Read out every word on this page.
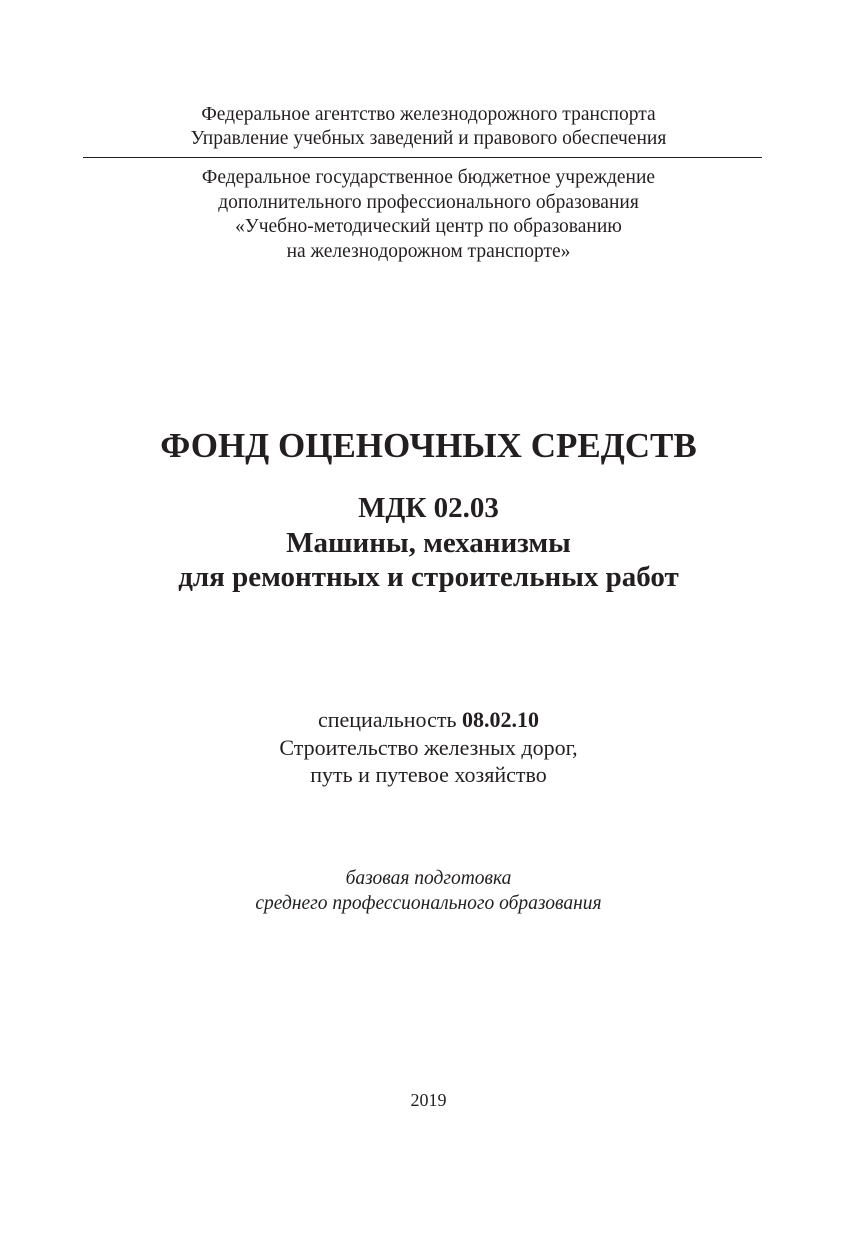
Федеральное агентство железнодорожного транспорта
Управление учебных заведений и правового обеспечения
Федеральное государственное бюджетное учреждение
дополнительного профессионального образования
«Учебно-методический центр по образованию
на железнодорожном транспорте»
ФОНД ОЦЕНОЧНЫХ СРЕДСТВ
МДК 02.03
Машины, механизмы
для ремонтных и строительных работ
специальность 08.02.10
Строительство железных дорог,
путь и путевое хозяйство
базовая подготовка
среднего профессионального образования
2019
